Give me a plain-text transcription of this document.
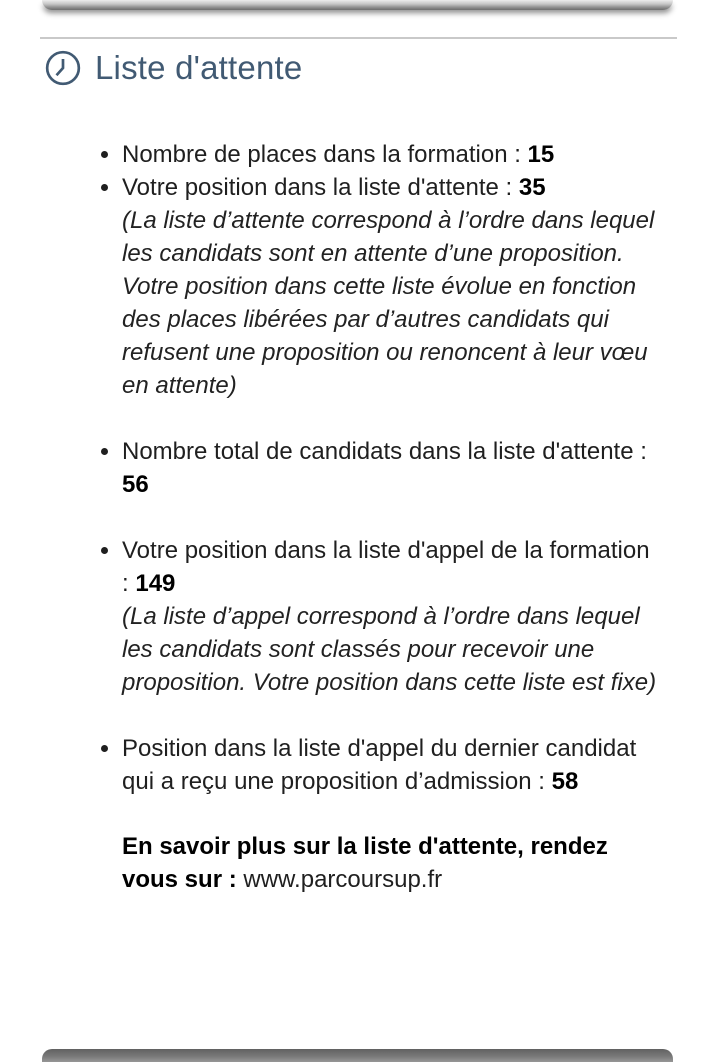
Liste d'attente
• Nombre de places dans la formation : 15
• Votre position dans la liste d'attente : 35
(La liste d’attente correspond à l’ordre dans lequel les candidats sont en attente d’une proposition. Votre position dans cette liste évolue en fonction des places libérées par d’autres candidats qui refusent une proposition ou renoncent à leur vœu en attente)
• Nombre total de candidats dans la liste d'attente : 56
• Votre position dans la liste d'appel de la formation : 149
(La liste d’appel correspond à l’ordre dans lequel les candidats sont classés pour recevoir une proposition. Votre position dans cette liste est fixe)
• Position dans la liste d'appel du dernier candidat qui a reçu une proposition d’admission : 58
En savoir plus sur la liste d'attente, rendez
vous sur : www.parcoursup.fr
